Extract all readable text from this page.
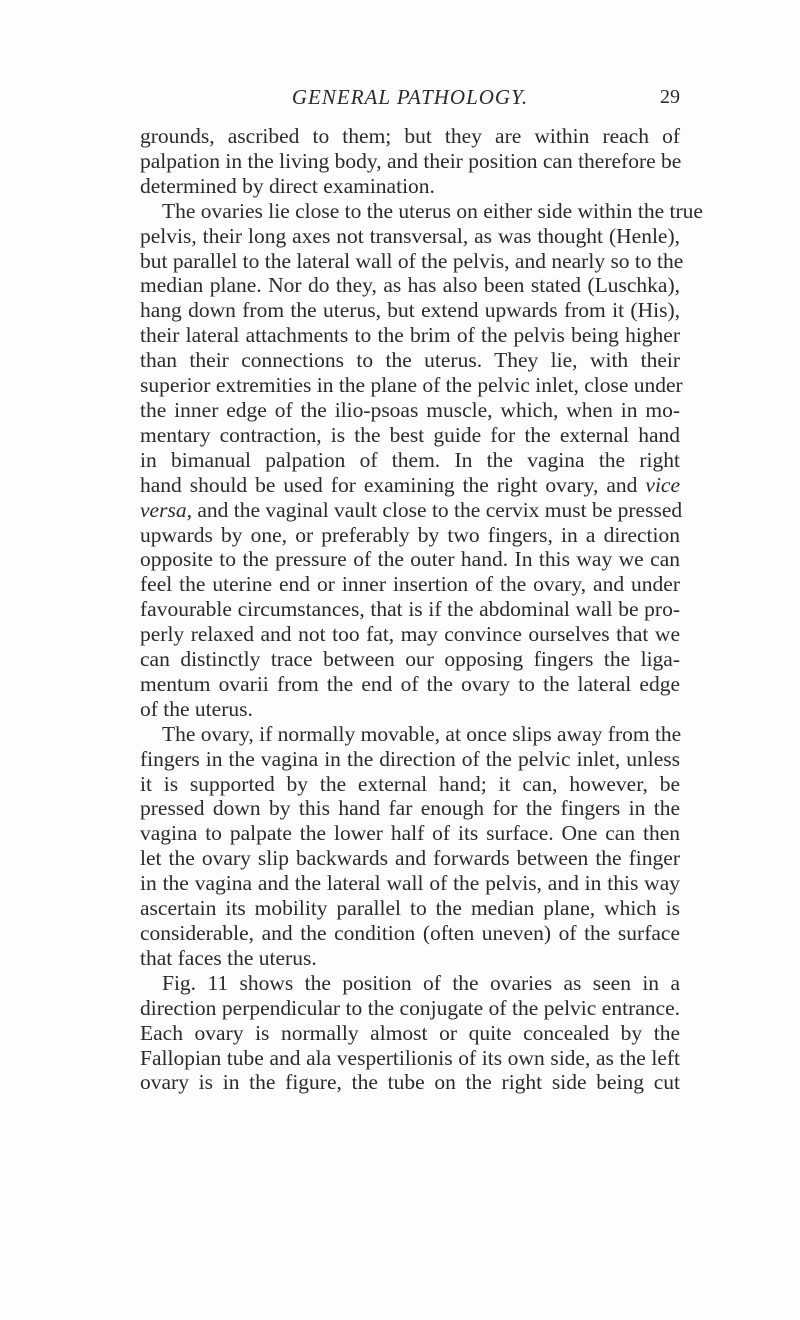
GENERAL PATHOLOGY.	29

grounds, ascribed to them; but they are within reach of
palpation in the living body, and their position can therefore be
determined by direct examination.

The ovaries lie close to the uterus on either side within the true
pelvis, their long axes not transversal, as was thought (Henle),
but parallel to the lateral wall of the pelvis, and nearly so to the
median plane. Nor do they, as has also been stated (Luschka),
hang down from the uterus, but extend upwards from it (His),
their lateral attachments to the brim of the pelvis being higher
than their connections to the uterus. They lie, with their
superior extremities in the plane of the pelvic inlet, close under
the inner edge of the ilio-psoas muscle, which, when in mo-
mentary contraction, is the best guide for the external hand
in bimanual palpation of them. In the vagina the right
hand should be used for examining the right ovary, and vice
versa, and the vaginal vault close to the cervix must be pressed
upwards by one, or preferably by two fingers, in a direction
opposite to the pressure of the outer hand. In this way we can
feel the uterine end or inner insertion of the ovary, and under
favourable circumstances, that is if the abdominal wall be pro-
perly relaxed and not too fat, may convince ourselves that we
can distinctly trace between our opposing fingers the liga-
mentum ovarii from the end of the ovary to the lateral edge
of the uterus.

The ovary, if normally movable, at once slips away from the
fingers in the vagina in the direction of the pelvic inlet, unless
it is supported by the external hand; it can, however, be
pressed down by this hand far enough for the fingers in the
vagina to palpate the lower half of its surface. One can then
let the ovary slip backwards and forwards between the finger
in the vagina and the lateral wall of the pelvis, and in this way
ascertain its mobility parallel to the median plane, which is
considerable, and the condition (often uneven) of the surface
that faces the uterus.

Fig. 11 shows the position of the ovaries as seen in a
direction perpendicular to the conjugate of the pelvic entrance.
Each ovary is normally almost or quite concealed by the
Fallopian tube and ala vespertilionis of its own side, as the left
ovary is in the figure, the tube on the right side being cut
